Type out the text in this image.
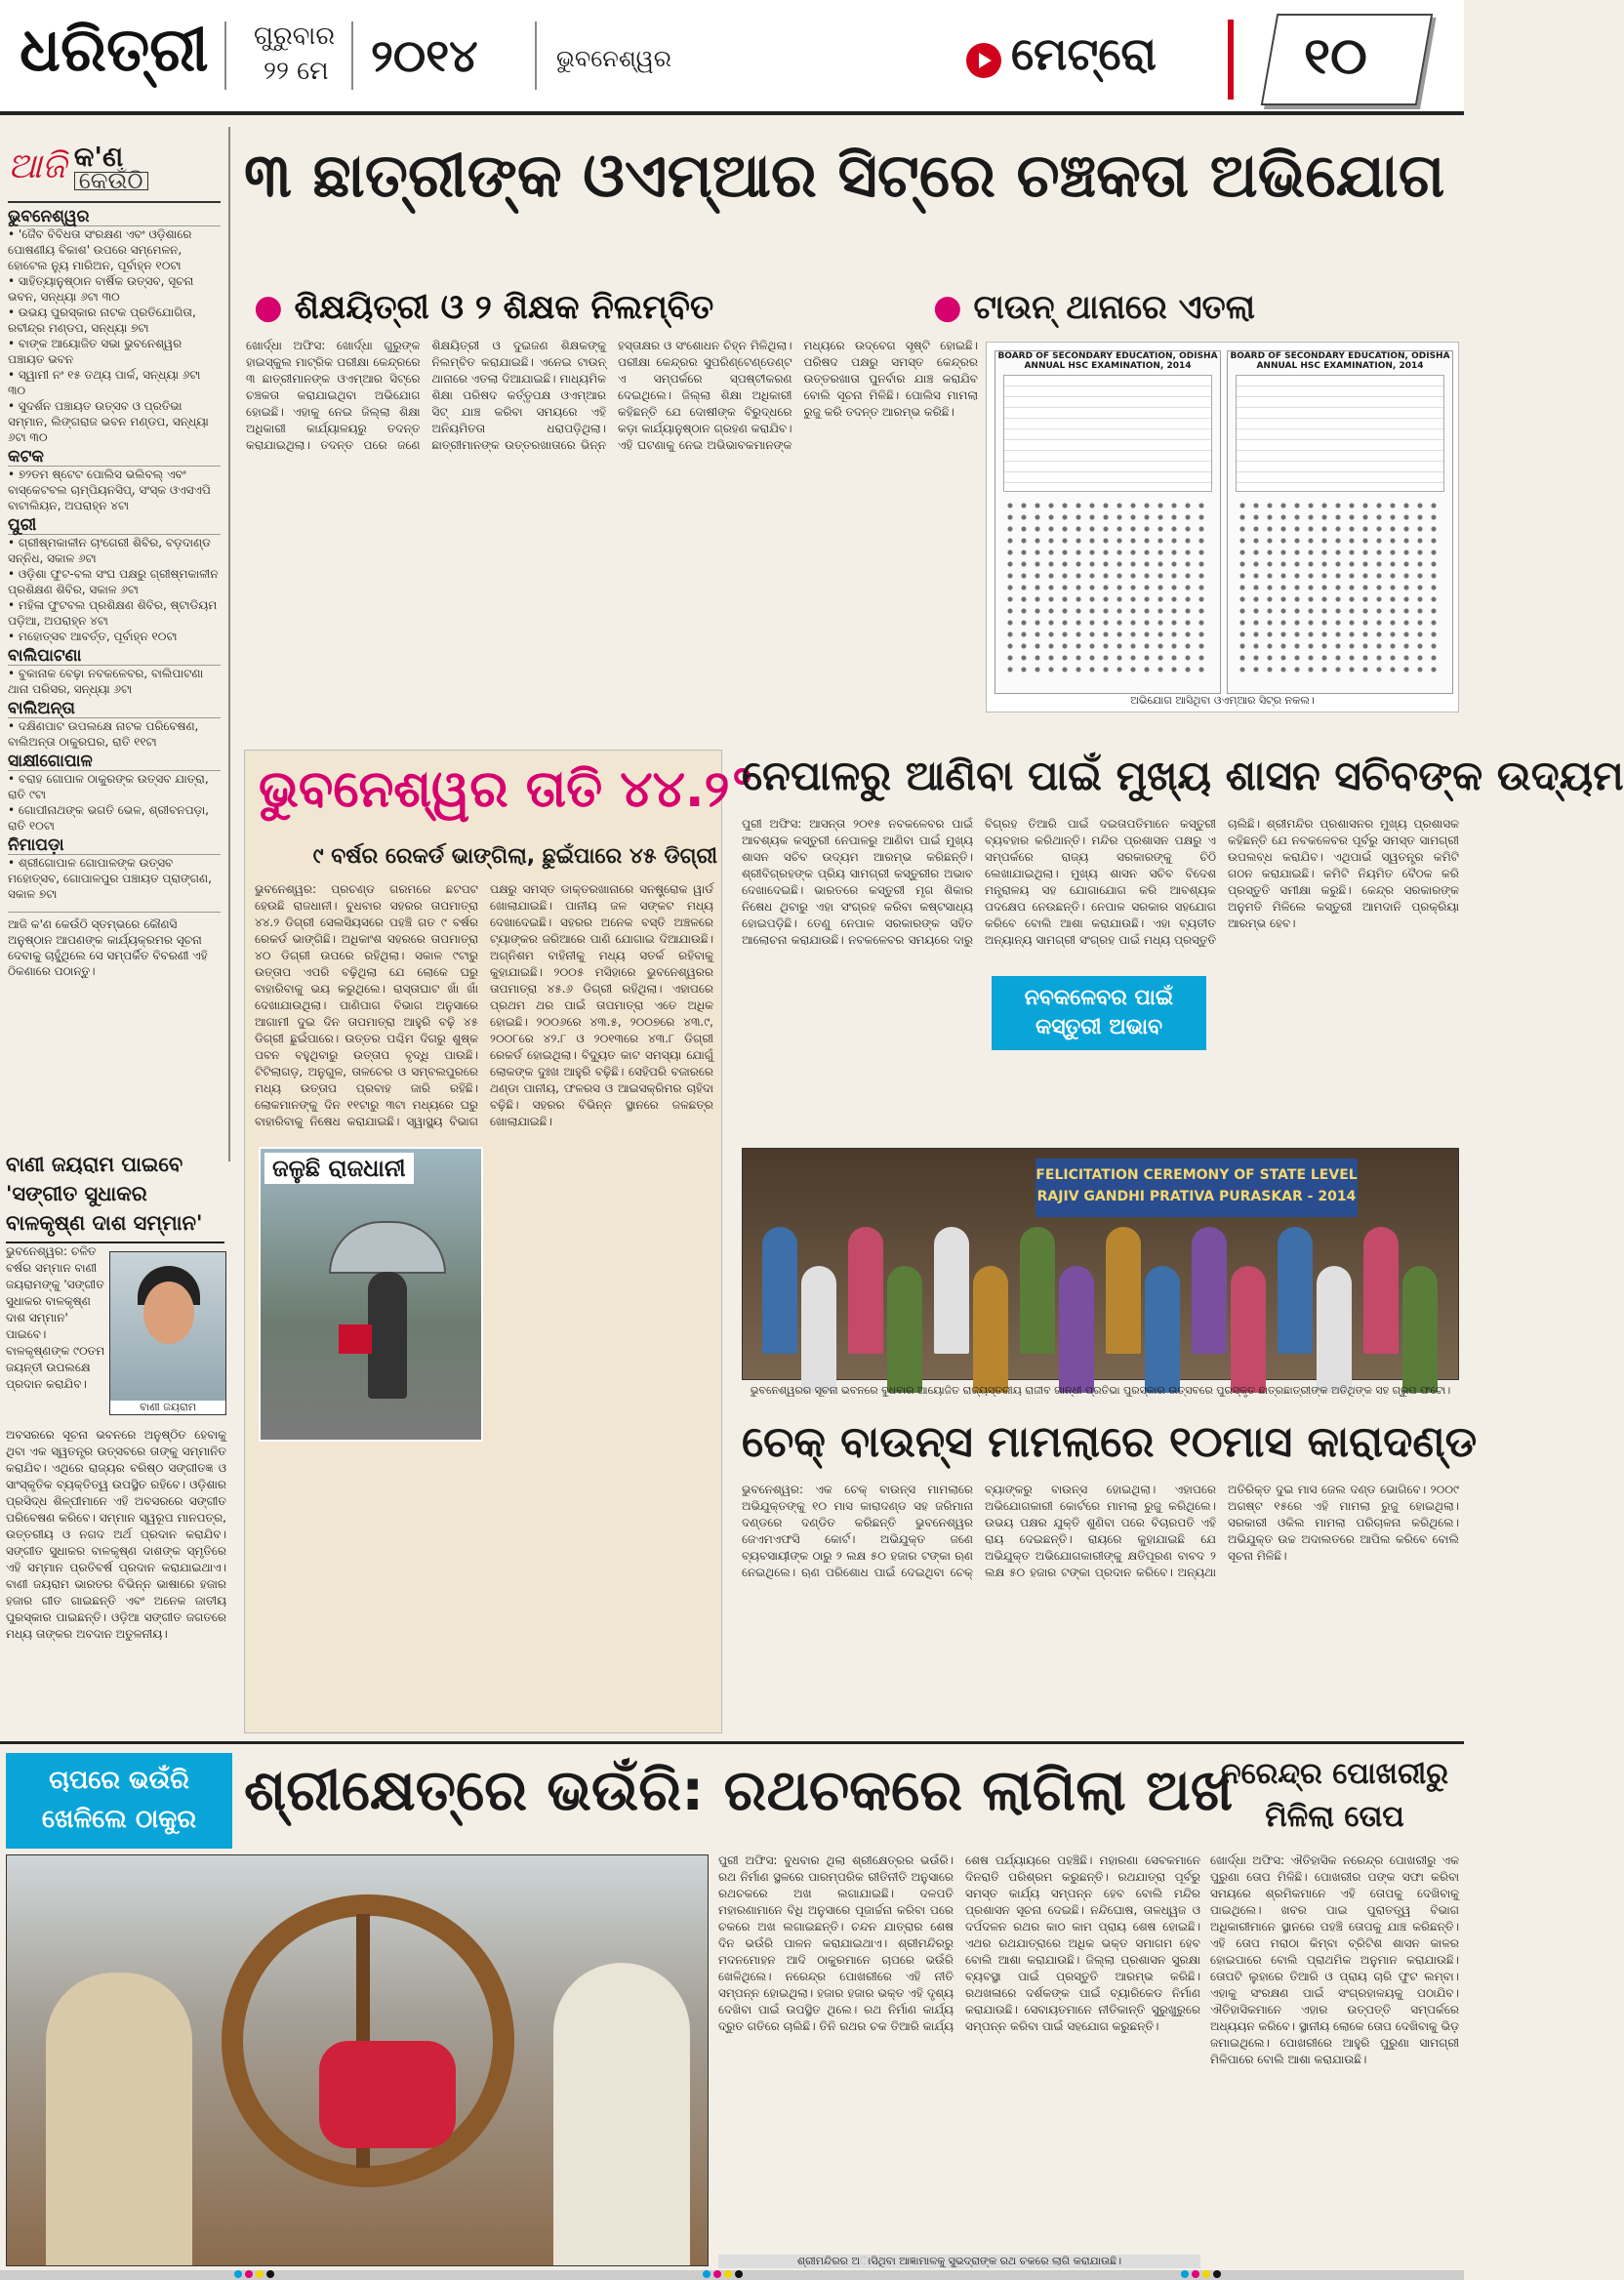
ଧରିତ୍ରୀ ଗୁରୁବାର
୨୨ ମେ ୨୦୧୪	ଭୁବନେଶ୍ୱର	ମେଟ୍ରୋ	୧୦
ଆଜି କ'ଣ
କେଉଁଠି
ଭୁବନେଶ୍ୱର
• 'ଜୈବ ବିବିଧତା ସଂରକ୍ଷଣ ଏବଂ ଓଡ଼ିଶାରେ ପୋଷଣୀୟ ବିକାଶ' ଉପରେ ସମ୍ମେଳନ, ହୋଟେଲ ନ୍ୟୁ ମାରିଅନ, ପୂର୍ବାହ୍ନ ୧୦ଟା
• ସାହିତ୍ୟାନୁଷ୍ଠାନ ବାର୍ଷିକ ଉତ୍ସବ, ସୂଚନା ଭବନ, ସନ୍ଧ୍ୟା ୬ଟା ୩୦
• ଉଭୟ ପୁରସ୍କାର ନାଟକ ପ୍ରତିଯୋଗିତା, ରବୀନ୍ଦ୍ର ମଣ୍ଡପ, ସନ୍ଧ୍ୟା ୭ଟା
• ବାଙ୍କ ଆୟୋଜିତ ସଭା ଭୁବନେଶ୍ୱର ପଞ୍ଚାୟତ ଭବନ
• ସ୍ୱାମୀ ନଂ ୧୫ ତଥ୍ୟ ପାର୍କ, ସନ୍ଧ୍ୟା ୬ଟା ୩୦
• ସୁଦର୍ଶନ ପଞ୍ଚାୟତ ଉତ୍ସବ ଓ ପ୍ରତିଭା ସମ୍ମାନ, ଲିଙ୍ଗରାଜ ଭବନ ମଣ୍ଡପ, ସନ୍ଧ୍ୟା ୬ଟା ୩୦
କଟକ
• ୭୨ତମ ଷ୍ଟେଟ ପୋଲିସ ଭଲିବଲ୍ ଏବଂ ବାସ୍କେଟବଲ ଚାମ୍ପିୟନସିପ୍, ସଂସ୍କ ଓଏସଏପି ବାଟାଲିୟନ, ଅପରାହ୍ନ ୪ଟା
ପୁରୀ
• ଗ୍ରୀଷ୍ମକାଳୀନ ଚାଂଗେରୀ ଶିବିର, ବଡ଼ଦାଣ୍ଡ ସନ୍ନିଧ, ସକାଳ ୬ଟା
• ଓଡ଼ିଶା ଫୁଟ-ବଲ ସଂଘ ପକ୍ଷରୁ ଗ୍ରୀଷ୍ମକାଳୀନ ପ୍ରଶିକ୍ଷଣ ଶିବିର, ସକାଳ ୬ଟା
• ମହିଳା ଫୁଟବଲ ପ୍ରଶିକ୍ଷଣ ଶିବିର, ଷ୍ଟାଡିୟମ ପଡ଼ିଆ, ଅପରାହ୍ନ ୪ଟା
• ମହୋତ୍ସବ ଆବର୍ତ୍ତ, ପୂର୍ବାହ୍ନ ୧୦ଟା
ବାଲିପାଟଣା
• ବୁକାନାକ ବେଢ଼ା ନବକଳେବର, ବାଲିପାଟଣା ଥାନା ପରିସର, ସନ୍ଧ୍ୟା ୬ଟା
ବାଲିଅନ୍ତା
• ଦକ୍ଷିଣପାଟ ଉପଲକ୍ଷେ ନାଟକ ପରିବେଷଣ, ବାଲିଅନ୍ତା ଠାକୁରଘର, ରାତି ୧୧ଟା
ସାକ୍ଷୀଗୋପାଳ
• ବରାହ ଗୋପାଳ ଠାକୁରଙ୍କ ଉତ୍ସବ ଯାତ୍ରା, ରାତି ୯ଟା
• ଗୋପୀନାଥଙ୍କ ଭଗତି ଭେଳ, ଶ୍ରୀବନପଡ଼ା, ରାତି ୧୦ଟା
ନିମାପଡ଼ା
• ଶ୍ରୀଗୋପାଳ ଗୋପାଳଙ୍କ ଉତ୍ସବ ମହୋତ୍ସବ, ଗୋପାଳପୁର ପଞ୍ଚାୟତ ପ୍ରାଙ୍ଗଣ, ସକାଳ ୭ଟା
ଆଜି କ'ଣ କେଉଁଠି ସ୍ତମ୍ଭରେ କୌଣସି ଅନୁଷ୍ଠାନ ଆପଣଙ୍କ କାର୍ଯ୍ୟକ୍ରମର ସୂଚନା ଦେବାକୁ ଚାହୁଁଥିଲେ ସେ ସମ୍ପର୍କିତ ବିବରଣୀ ଏହି ଠିକଣାରେ ପଠାନ୍ତୁ।
ବାଣୀ ଜୟରାମ ପାଇବେ 'ସଙ୍ଗୀତ ସୁଧାକର ବାଳକୃଷ୍ଣ ଦାଶ ସମ୍ମାନ'
ଭୁବନେଶ୍ୱର: ଚଳିତ ବର୍ଷର ସମ୍ମାନ ବାଣୀ ଜୟରାମଙ୍କୁ 'ସଙ୍ଗୀତ ସୁଧାକର ବାଳକୃଷ୍ଣ ଦାଶ ସମ୍ମାନ' ପାଇବେ। ବାଳକୃଷ୍ଣଙ୍କ ୯୦ତମ ଜୟନ୍ତୀ ଉପଲକ୍ଷେ ପ୍ରଦାନ କରାଯିବ।
ବାଣୀ ଜୟରାମ
ଅବସରରେ ସୂଚନା ଭବନରେ ଅନୁଷ୍ଠିତ ହେବାକୁ ଥିବା ଏକ ସ୍ୱତନ୍ତ୍ର ଉତ୍ସବରେ ତାଙ୍କୁ ସମ୍ମାନିତ କରାଯିବ। ଏଥିରେ ରାଜ୍ୟର ବରିଷ୍ଠ ସଙ୍ଗୀତଜ୍ଞ ଓ ସାଂସ୍କୃତିକ ବ୍ୟକ୍ତିତ୍ୱ ଉପସ୍ଥିତ ରହିବେ। ଓଡ଼ିଶାର ପ୍ରସିଦ୍ଧ ଶିଳ୍ପୀମାନେ ଏହି ଅବସରରେ ସଙ୍ଗୀତ ପରିବେଷଣ କରିବେ। ସମ୍ମାନ ସ୍ୱରୂପ ମାନପତ୍ର, ଉତ୍ତରୀୟ ଓ ନଗଦ ଅର୍ଥ ପ୍ରଦାନ କରାଯିବ। ସଙ୍ଗୀତ ସୁଧାକର ବାଳକୃଷ୍ଣ ଦାଶଙ୍କ ସ୍ମୃତିରେ ଏହି ସମ୍ମାନ ପ୍ରତିବର୍ଷ ପ୍ରଦାନ କରାଯାଇଥାଏ। ବାଣୀ ଜୟରାମ ଭାରତର ବିଭିନ୍ନ ଭାଷାରେ ହଜାର ହଜାର ଗୀତ ଗାଇଛନ୍ତି ଏବଂ ଅନେକ ଜାତୀୟ ପୁରସ୍କାର ପାଇଛନ୍ତି। ଓଡ଼ିଆ ସଙ୍ଗୀତ ଜଗତରେ ମଧ୍ୟ ତାଙ୍କର ଅବଦାନ ଅତୁଳନୀୟ।
୩ ଛାତ୍ରୀଙ୍କ ଓଏମ୍ଆର ସିଟ୍‌ରେ ଚଞ୍ଚକତା ଅଭିଯୋଗ
● ଶିକ୍ଷୟିତ୍ରୀ ଓ ୨ ଶିକ୍ଷକ ନିଲମ୍ବିତ	● ଟାଉନ୍ ଥାନାରେ ଏତଲା
ଖୋର୍ଦ୍ଧା ଅଫିସ: ଖୋର୍ଦ୍ଧା ଗୁରୁଙ୍କ ହାଇସ୍କୁଲ ମାଟ୍ରିକ ପରୀକ୍ଷା କେନ୍ଦ୍ରରେ ୩ ଛାତ୍ରୀମାନଙ୍କ ଓଏମ୍ଆର ସିଟ୍‌ରେ ଚଞ୍ଚକତା କରାଯାଇଥିବା ଅଭିଯୋଗ ହୋଇଛି। ଏହାକୁ ନେଇ ଜିଲ୍ଲା ଶିକ୍ଷା ଅଧିକାରୀ କାର୍ଯ୍ୟାଳୟରୁ ତଦନ୍ତ କରାଯାଇଥିଲା। ତଦନ୍ତ ପରେ ଜଣେ ଶିକ୍ଷୟିତ୍ରୀ ଓ ଦୁଇଜଣ ଶିକ୍ଷକଙ୍କୁ ନିଲମ୍ବିତ କରାଯାଇଛି। ଏନେଇ ଟାଉନ୍ ଥାନାରେ ଏତଲା ଦିଆଯାଇଛି। ମାଧ୍ୟମିକ ଶିକ୍ଷା ପରିଷଦ କର୍ତ୍ତୃପକ୍ଷ ଓଏମ୍ଆର ସିଟ୍ ଯାଞ୍ଚ କରିବା ସମୟରେ ଏହି ଅନିୟମିତତା ଧରାପଡ଼ିଥିଲା। ଛାତ୍ରୀମାନଙ୍କ ଉତ୍ତରଖାତାରେ ଭିନ୍ନ ହସ୍ତାକ୍ଷର ଓ ସଂଶୋଧନ ଚିହ୍ନ ମିଳିଥିଲା। ପରୀକ୍ଷା କେନ୍ଦ୍ରର ସୁପରିଣ୍ଟେଣ୍ଡେଣ୍ଟ ଏ ସମ୍ପର୍କରେ ସ୍ପଷ୍ଟୀକରଣ ଦେଇଥିଲେ। ଜିଲ୍ଲା ଶିକ୍ଷା ଅଧିକାରୀ କହିଛନ୍ତି ଯେ ଦୋଷୀଙ୍କ ବିରୁଦ୍ଧରେ କଡ଼ା କାର୍ଯ୍ୟାନୁଷ୍ଠାନ ଗ୍ରହଣ କରାଯିବ। ଏହି ଘଟଣାକୁ ନେଇ ଅଭିଭାବକମାନଙ୍କ ମଧ୍ୟରେ ଉଦ୍‌ବେଗ ସୃଷ୍ଟି ହୋଇଛି। ପରିଷଦ ପକ୍ଷରୁ ସମସ୍ତ କେନ୍ଦ୍ରର ଉତ୍ତରଖାତା ପୁନର୍ବାର ଯାଞ୍ଚ କରାଯିବ ବୋଲି ସୂଚନା ମିଳିଛି। ପୋଲିସ ମାମଲା ରୁଜୁ କରି ତଦନ୍ତ ଆରମ୍ଭ କରିଛି।
BOARD OF SECONDARY EDUCATION, ODISHA
ANNUAL HSC EXAMINATION, 2014
BOARD OF SECONDARY EDUCATION, ODISHA
ANNUAL HSC EXAMINATION, 2014
ଅଭିଯୋଗ ଆସିଥିବା ଓଏମ୍ଆର ସିଟ୍‌ର ନକଲ।
ଭୁବନେଶ୍ୱର ତାତି ୪୪.୨°
୯ ବର୍ଷର ରେକର୍ଡ ଭାଙ୍ଗିଲା, ଛୁଇଁପାରେ ୪୫ ଡିଗ୍ରୀ
ଭୁବନେଶ୍ୱର: ପ୍ରଚଣ୍ଡ ଗରମରେ ଛଟପଟ ହେଉଛି ରାଜଧାନୀ। ବୁଧବାର ସହରର ତାପମାତ୍ରା ୪୪.୨ ଡିଗ୍ରୀ ସେଲସିୟସରେ ପହଞ୍ଚି ଗତ ୯ ବର୍ଷର ରେକର୍ଡ ଭାଙ୍ଗିଛି। ଅଧିକାଂଶ ସହରରେ ତାପମାତ୍ରା ୪୦ ଡିଗ୍ରୀ ଉପରେ ରହିଥିଲା। ସକାଳ ୯ଟାରୁ ଉତ୍ତାପ ଏପରି ବଢ଼ିଥିଲା ଯେ ଲୋକେ ଘରୁ ବାହାରିବାକୁ ଭୟ କରୁଥିଲେ। ରାସ୍ତାଘାଟ ଖାଁ ଖାଁ ଦେଖାଯାଉଥିଲା। ପାଣିପାଗ ବିଭାଗ ଅନୁସାରେ ଆଗାମୀ ଦୁଇ ଦିନ ତାପମାତ୍ରା ଆହୁରି ବଢ଼ି ୪୫ ଡିଗ୍ରୀ ଛୁଇଁପାରେ। ଉତ୍ତର ପଶ୍ଚିମ ଦିଗରୁ ଶୁଷ୍କ ପବନ ବହୁଥିବାରୁ ଉତ୍ତାପ ବୃଦ୍ଧି ପାଉଛି। ଟିଟିଲାଗଡ଼, ଅନୁଗୁଳ, ତାଳଚେର ଓ ସମ୍ବଲପୁରରେ ମଧ୍ୟ ଉତ୍ତାପ ପ୍ରବାହ ଜାରି ରହିଛି। ଲୋକମାନଙ୍କୁ ଦିନ ୧୧ଟାରୁ ୩ଟା ମଧ୍ୟରେ ଘରୁ ବାହାରିବାକୁ ନିଷେଧ କରାଯାଇଛି। ସ୍ୱାସ୍ଥ୍ୟ ବିଭାଗ ପକ୍ଷରୁ ସମସ୍ତ ଡାକ୍ତରଖାନାରେ ସନଷ୍ଟ୍ରୋକ ୱାର୍ଡ ଖୋଲାଯାଇଛି। ପାନୀୟ ଜଳ ସଙ୍କଟ ମଧ୍ୟ ଦେଖାଦେଇଛି। ସହରର ଅନେକ ବସ୍ତି ଅଞ୍ଚଳରେ ଟ୍ୟାଙ୍କର ଜରିଆରେ ପାଣି ଯୋଗାଇ ଦିଆଯାଉଛି। ଅଗ୍ନିଶମ ବାହିନୀକୁ ମଧ୍ୟ ସତର୍କ ରହିବାକୁ କୁହାଯାଇଛି। ୨୦୦୫ ମସିହାରେ ଭୁବନେଶ୍ୱରର ତାପମାତ୍ରା ୪୫.୬ ଡିଗ୍ରୀ ରହିଥିଲା। ଏହାପରେ ପ୍ରଥମ ଥର ପାଇଁ ତାପମାତ୍ରା ଏତେ ଅଧିକ ହୋଇଛି। ୨୦୦୬ରେ ୪୩.୫, ୨୦୦୭ରେ ୪୩.୯, ୨୦୦୮ରେ ୪୨.୮ ଓ ୨୦୧୩ରେ ୪୩.୮ ଡିଗ୍ରୀ ରେକର୍ଡ ହୋଇଥିଲା। ବିଦ୍ୟୁତ କାଟ ସମସ୍ୟା ଯୋଗୁଁ ଲୋକଙ୍କ ଦୁଃଖ ଆହୁରି ବଢ଼ିଛି। ସେହିପରି ବଜାରରେ ଥଣ୍ଡା ପାନୀୟ, ଫଳରସ ଓ ଆଇସକ୍ରିମର ଚାହିଦା ବଢ଼ିଛି। ସହରର ବିଭିନ୍ନ ସ୍ଥାନରେ ଜଳଛତ୍ର ଖୋଲାଯାଇଛି।
ଜଳୁଛି ରାଜଧାନୀ
ନେପାଳରୁ ଆଣିବା ପାଇଁ ମୁଖ୍ୟ ଶାସନ ସଚିବଙ୍କ ଉଦ୍ୟମ
ପୁରୀ ଅଫିସ: ଆସନ୍ତା ୨୦୧୫ ନବକଳେବର ପାଇଁ ଆବଶ୍ୟକ କସ୍ତୁରୀ ନେପାଳରୁ ଆଣିବା ପାଇଁ ମୁଖ୍ୟ ଶାସନ ସଚିବ ଉଦ୍ୟମ ଆରମ୍ଭ କରିଛନ୍ତି। ଶ୍ରୀବିଗ୍ରହଙ୍କ ପ୍ରିୟ ସାମଗ୍ରୀ କସ୍ତୁରୀର ଅଭାବ ଦେଖାଦେଇଛି। ଭାରତରେ କସ୍ତୁରୀ ମୃଗ ଶିକାର ନିଷେଧ ଥିବାରୁ ଏହା ସଂଗ୍ରହ କରିବା କଷ୍ଟସାଧ୍ୟ ହୋଇପଡ଼ିଛି। ତେଣୁ ନେପାଳ ସରକାରଙ୍କ ସହିତ ଆଲୋଚନା କରାଯାଉଛି। ନବକଳେବର ସମୟରେ ଦାରୁ ବିଗ୍ରହ ତିଆରି ପାଇଁ ଦଇତାପତିମାନେ କସ୍ତୁରୀ ବ୍ୟବହାର କରିଥାନ୍ତି। ମନ୍ଦିର ପ୍ରଶାସନ ପକ୍ଷରୁ ଏ ସମ୍ପର୍କରେ ରାଜ୍ୟ ସରକାରଙ୍କୁ ଚିଠି ଲେଖାଯାଇଥିଲା। ମୁଖ୍ୟ ଶାସନ ସଚିବ ବିଦେଶ ମନ୍ତ୍ରାଳୟ ସହ ଯୋଗାଯୋଗ କରି ଆବଶ୍ୟକ ପଦକ୍ଷେପ ନେଉଛନ୍ତି। ନେପାଳ ସରକାର ସହଯୋଗ କରିବେ ବୋଲି ଆଶା କରାଯାଉଛି। ଏହା ବ୍ୟତୀତ ଅନ୍ୟାନ୍ୟ ସାମଗ୍ରୀ ସଂଗ୍ରହ ପାଇଁ ମଧ୍ୟ ପ୍ରସ୍ତୁତି ଚାଲିଛି। ଶ୍ରୀମନ୍ଦିର ପ୍ରଶାସନର ମୁଖ୍ୟ ପ୍ରଶାସକ କହିଛନ୍ତି ଯେ ନବକଳେବର ପୂର୍ବରୁ ସମସ୍ତ ସାମଗ୍ରୀ ଉପଲବ୍ଧ କରାଯିବ। ଏଥିପାଇଁ ସ୍ୱତନ୍ତ୍ର କମିଟି ଗଠନ କରାଯାଇଛି। କମିଟି ନିୟମିତ ବୈଠକ କରି ପ୍ରସ୍ତୁତି ସମୀକ୍ଷା କରୁଛି। କେନ୍ଦ୍ର ସରକାରଙ୍କ ଅନୁମତି ମିଳିଲେ କସ୍ତୁରୀ ଆମଦାନି ପ୍ରକ୍ରିୟା ଆରମ୍ଭ ହେବ।
ନବକଳେବର ପାଇଁ କସ୍ତୁରୀ ଅଭାବ
FELICITATION CEREMONY OF STATE LEVEL RAJIV GANDHI PRATIVA PURASKAR - 2014
ଭୁବନେଶ୍ୱରର ସୂଚନା ଭବନରେ ବୁଧବାର ଆୟୋଜିତ ରାଜ୍ୟସ୍ତରୀୟ ରାଜୀବ ଗାନ୍ଧୀ ପ୍ରତିଭା ପୁରସ୍କାର ଉତ୍ସବରେ ପୁରସ୍କୃତ ଛାତ୍ରଛାତ୍ରୀଙ୍କ ଅତିଥିଙ୍କ ସହ ଗ୍ରୁପ ଫଟୋ।
ଚେକ୍ ବାଉନ୍ସ ମାମଲାରେ ୧୦ମାସ କାରାଦଣ୍ଡ
ଭୁବନେଶ୍ୱର: ଏକ ଚେକ୍ ବାଉନ୍ସ ମାମଲାରେ ଅଭିଯୁକ୍ତଙ୍କୁ ୧୦ ମାସ କାରାଦଣ୍ଡ ସହ ଜରିମାନା ଦଣ୍ଡରେ ଦଣ୍ଡିତ କରିଛନ୍ତି ଭୁବନେଶ୍ୱର ଜେଏମଏଫସି କୋର୍ଟ। ଅଭିଯୁକ୍ତ ଜଣେ ବ୍ୟବସାୟୀଙ୍କ ଠାରୁ ୨ ଲକ୍ଷ ୫୦ ହଜାର ଟଙ୍କା ଋଣ ନେଇଥିଲେ। ଋଣ ପରିଶୋଧ ପାଇଁ ଦେଇଥିବା ଚେକ୍ ବ୍ୟାଙ୍କରୁ ବାଉନ୍ସ ହୋଇଥିଲା। ଏହାପରେ ଅଭିଯୋଗକାରୀ କୋର୍ଟରେ ମାମଲା ରୁଜୁ କରିଥିଲେ। ଉଭୟ ପକ୍ଷର ଯୁକ୍ତି ଶୁଣିବା ପରେ ବିଚାରପତି ଏହି ରାୟ ଦେଇଛନ୍ତି। ରାୟରେ କୁହାଯାଇଛି ଯେ ଅଭିଯୁକ୍ତ ଅଭିଯୋଗକାରୀଙ୍କୁ କ୍ଷତିପୂରଣ ବାବଦ ୨ ଲକ୍ଷ ୫୦ ହଜାର ଟଙ୍କା ପ୍ରଦାନ କରିବେ। ଅନ୍ୟଥା ଅତିରିକ୍ତ ଦୁଇ ମାସ ଜେଲ ଦଣ୍ଡ ଭୋଗିବେ। ୨୦୦୯ ଅଗଷ୍ଟ ୧୫ରେ ଏହି ମାମଲା ରୁଜୁ ହୋଇଥିଲା। ସରକାରୀ ଓକିଲ ମାମଲା ପରିଚାଳନା କରିଥିଲେ। ଅଭିଯୁକ୍ତ ଉଚ୍ଚ ଅଦାଲତରେ ଆପିଲ କରିବେ ବୋଲି ସୂଚନା ମିଳିଛି।
ଚାପରେ ଭଉଁରି ଖେଳିଲେ ଠାକୁର ଶ୍ରୀକ୍ଷେତ୍ରେ ଭଉଁରି: ରଥଚକରେ ଲାଗିଲା ଅଖ
ପୁରୀ ଅଫିସ: ବୁଧବାର ଥିଲା ଶ୍ରୀକ୍ଷେତ୍ରର ଭଉଁରି। ରଥ ନିର୍ମାଣ ସ୍ଥଳରେ ପାରମ୍ପରିକ ରୀତିନୀତି ଅନୁସାରେ ରଥଚକରେ ଅଖ ଲଗାଯାଇଛି। ଦଳପତି ମହାରଣାମାନେ ବିଧି ଅନୁସାରେ ପୂଜାର୍ଚ୍ଚନା କରିବା ପରେ ଚକରେ ଅଖ ଲଗାଇଛନ୍ତି। ଚନ୍ଦନ ଯାତ୍ରାର ଶେଷ ଦିନ ଭଉଁରି ପାଳନ କରାଯାଇଥାଏ। ଶ୍ରୀମନ୍ଦିରରୁ ମଦନମୋହନ ଆଦି ଠାକୁରମାନେ ଚାପରେ ଭଉଁରି ଖେଳିଥିଲେ। ନରେନ୍ଦ୍ର ପୋଖରୀରେ ଏହି ନୀତି ସମ୍ପନ୍ନ ହୋଇଥିଲା। ହଜାର ହଜାର ଭକ୍ତ ଏହି ଦୃଶ୍ୟ ଦେଖିବା ପାଇଁ ଉପସ୍ଥିତ ଥିଲେ। ରଥ ନିର୍ମାଣ କାର୍ଯ୍ୟ ଦ୍ରୁତ ଗତିରେ ଚାଲିଛି। ତିନି ରଥର ଚକ ତିଆରି କାର୍ଯ୍ୟ ଶେଷ ପର୍ଯ୍ୟାୟରେ ପହଞ୍ଚିଛି। ମହାରଣା ସେବକମାନେ ଦିନରାତି ପରିଶ୍ରମ କରୁଛନ୍ତି। ରଥଯାତ୍ରା ପୂର୍ବରୁ ସମସ୍ତ କାର୍ଯ୍ୟ ସମ୍ପନ୍ନ ହେବ ବୋଲି ମନ୍ଦିର ପ୍ରଶାସନ ସୂଚନା ଦେଇଛି। ନନ୍ଦିଘୋଷ, ତାଳଧ୍ୱଜ ଓ ଦର୍ପଦଳନ ରଥର କାଠ କାମ ପ୍ରାୟ ଶେଷ ହୋଇଛି। ଏଥର ରଥଯାତ୍ରାରେ ଅଧିକ ଭକ୍ତ ସମାଗମ ହେବ ବୋଲି ଆଶା କରାଯାଉଛି। ଜିଲ୍ଲା ପ୍ରଶାସନ ସୁରକ୍ଷା ବ୍ୟବସ୍ଥା ପାଇଁ ପ୍ରସ୍ତୁତି ଆରମ୍ଭ କରିଛି। ରଥଖଳାରେ ଦର୍ଶକଙ୍କ ପାଇଁ ବ୍ୟାରିକେଡ ନିର୍ମାଣ କରାଯାଉଛି। ସେବାୟତମାନେ ନୀତିକାନ୍ତି ସୁରୁଖୁରୁରେ ସମ୍ପନ୍ନ କରିବା ପାଇଁ ସହଯୋଗ କରୁଛନ୍ତି।
ଶ୍ରୀମନ୍ଦିରର ଅାସିଥିବା ଆଜ୍ଞାମାଳକୁ ସୁଭଦ୍ରାଙ୍କ ରଥ ଚକରେ ଲାଗି କରାଯାଉଛି।
ନରେନ୍ଦ୍ର ପୋଖରୀରୁ ମିଳିଲା ତୋପ
ଖୋର୍ଦ୍ଧା ଅଫିସ: ଐତିହାସିକ ନରେନ୍ଦ୍ର ପୋଖରୀରୁ ଏକ ପୁରୁଣା ତୋପ ମିଳିଛି। ପୋଖରୀର ପଙ୍କ ସଫା କରିବା ସମୟରେ ଶ୍ରମିକମାନେ ଏହି ତୋପକୁ ଦେଖିବାକୁ ପାଇଥିଲେ। ଖବର ପାଇ ପୁରାତତ୍ତ୍ୱ ବିଭାଗ ଅଧିକାରୀମାନେ ସ୍ଥାନରେ ପହଞ୍ଚି ତୋପକୁ ଯାଞ୍ଚ କରିଛନ୍ତି। ଏହି ତୋପ ମରାଠା କିମ୍ବା ବ୍ରିଟିଶ ଶାସନ କାଳର ହୋଇପାରେ ବୋଲି ପ୍ରାଥମିକ ଅନୁମାନ କରାଯାଉଛି। ତୋପଟି ଲୁହାରେ ତିଆରି ଓ ପ୍ରାୟ ଚାରି ଫୁଟ ଲମ୍ବା। ଏହାକୁ ସଂରକ୍ଷଣ ପାଇଁ ସଂଗ୍ରହାଳୟକୁ ପଠାଯିବ। ଐତିହାସିକମାନେ ଏହାର ଉତ୍ପତ୍ତି ସମ୍ପର୍କରେ ଅଧ୍ୟୟନ କରିବେ। ସ୍ଥାନୀୟ ଲୋକେ ତୋପ ଦେଖିବାକୁ ଭିଡ଼ ଜମାଇଥିଲେ। ପୋଖରୀରେ ଆହୁରି ପୁରୁଣା ସାମଗ୍ରୀ ମିଳିପାରେ ବୋଲି ଆଶା କରାଯାଉଛି।
